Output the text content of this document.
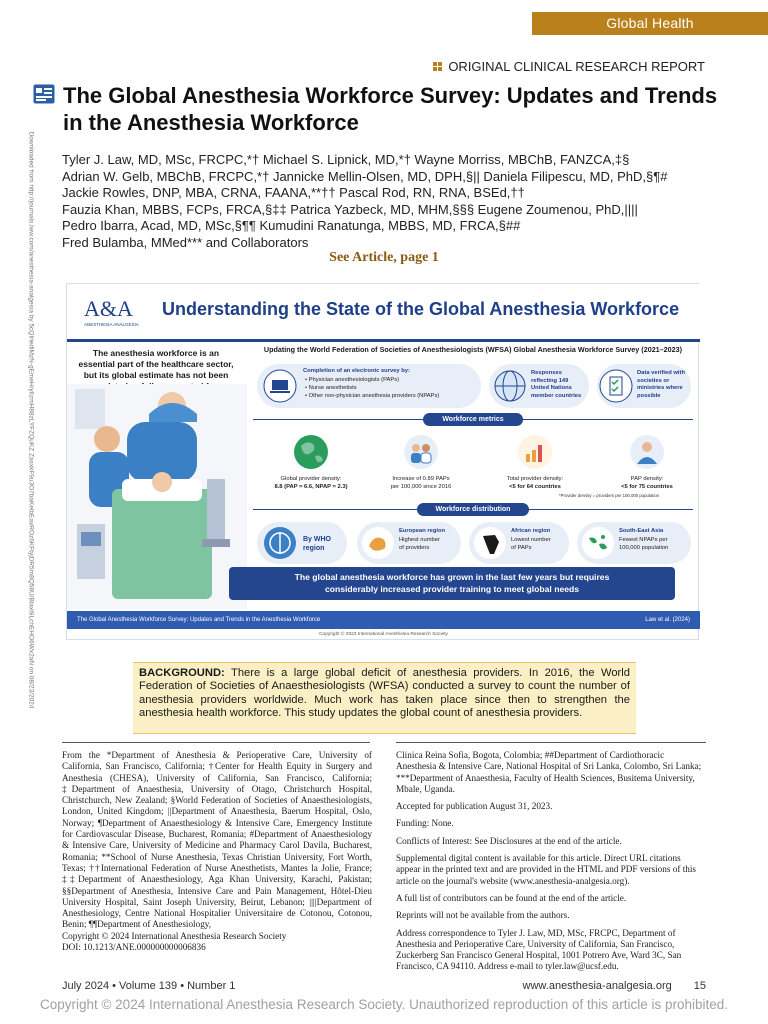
Global Health
ORIGINAL CLINICAL RESEARCH REPORT
The Global Anesthesia Workforce Survey: Updates and Trends in the Anesthesia Workforce
Downloaded from http://journals.lww.com/anesthesia-analgesia by 5cQIrledlMzN-gEmeH/ylIzmH88zLYFZQuKZ ZasxkF9u3O7baKelbEaxROz6KFtyjDR5m8Q58U/BlaxI9LchEHO6Wx2aN on 08/23/2024 Tyler J. Law, MD, MSc, FRCPC,*† Michael S. Lipnick, MD,*† Wayne Morriss, MBChB, FANZCA,‡§
Adrian W. Gelb, MBChB, FRCPC,*† Jannicke Mellin-Olsen, MD, DPH,§|| Daniela Filipescu, MD, PhD,§¶#
Jackie Rowles, DNP, MBA, CRNA, FAANA,**†† Pascal Rod, RN, RNA, BSEd,††
Fauzia Khan, MBBS, FCPs, FRCA,§‡‡ Patrica Yazbeck, MD, MHM,§§§ Eugene Zoumenou, PhD,||||
Pedro Ibarra, Acad, MD, MSc,§¶¶ Kumudini Ranatunga, MBBS, MD, FRCA,§##
Fred Bulamba, MMed*** and Collaborators
See Article, page 1
A&A
ANESTHESIA ANALGESIA
Understanding the State of the Global Anesthesia Workforce
The anesthesia workforce is an essential part of the healthcare sector, but its global estimate has not been
Updating the World Federation of Societies of Anesthesiologists (WFSA) Global Anesthesia Workforce Survey (2021–2023)
Completion of an electronic survey by:
• Physician anesthesiologists (PAPs)
• Nurse anesthetists
• Other non-physician anesthesia providers (NPAPs)
Responses reflecting 149 United Nations member countries
Data verified with societies or ministries where possible
Workforce metrics
Global provider density:
8.8 (PAP = 6.6, NPAP = 2.3)
Increase of 0.89 PAPs
per 100,000 since 2016
Total provider density:
<5 for 64 countries
PAP density:
<5 for 75 countries
*Provider density = providers per 100,000 population
Workforce distribution
By WHO region
European region
Highest number
of providers
African region
Lowest number
of PAPs
South-East Asia
Fewest NPAPs per
100,000 population
The global anesthesia workforce has grown in the last few years but requires
considerably increased provider training to meet global needs
The Global Anesthesia Workforce Survey: Updates and Trends in the Anesthesia Workforce	Law et al. (2024)
Copyright © 2023 International Anesthesia Research Society
BACKGROUND: There is a large global deficit of anesthesia providers. In 2016, the World Federation of Societies of Anaesthesiologists (WFSA) conducted a survey to count the number of anesthesia providers worldwide. Much work has taken place since then to strengthen the anesthesia health workforce. This study updates the global count of anesthesia providers.

From the *Department of Anesthesia & Perioperative Care, University of California, San Francisco, California; †Center for Health Equity in Surgery and Anesthesia (CHESA), University of California, San Francisco, California; ‡Department of Anaesthesia, University of Otago, Christchurch Hospital, Christchurch, New Zealand; §World Federation of Societies of Anaesthesiologists, London, United Kingdom; ||Department of Anaesthesia, Baerum Hospital, Oslo, Norway; ¶Department of Anaesthesiology & Intensive Care, Emergency Institute for Cardiovascular Disease, Bucharest, Romania; #Department of Anaesthesiology & Intensive Care, University of Medicine and Pharmacy Carol Davila, Bucharest, Romania; **School of Nurse Anesthesia, Texas Christian University, Fort Worth, Texas; ††International Federation of Nurse Anesthetists, Mantes la Jolie, France; ‡‡Department of Anaesthesiology, Aga Khan University, Karachi, Pakistan; §§Department of Anesthesia, Intensive Care and Pain Management, Hôtel-Dieu University Hospital, Saint Joseph University, Beirut, Lebanon; ||||Department of Anesthesiology, Centre National Hospitalier Universitaire de Cotonou, Cotonou, Benin; ¶¶Department of Anesthesiology,

Copyright © 2024 International Anesthesia Research Society

DOI: 10.1213/ANE.000000000006836

Clinica Reina Sofia, Bogota, Colombia; ##Department of Cardiothoracic Anesthesia & Intensive Care, National Hospital of Sri Lanka, Colombo, Sri Lanka; ***Department of Anaesthesia, Faculty of Health Sciences, Busitema University, Mbale, Uganda.

Accepted for publication August 31, 2023.

Funding: None.

Conflicts of Interest: See Disclosures at the end of the article.

Supplemental digital content is available for this article. Direct URL citations appear in the printed text and are provided in the HTML and PDF versions of this article on the journal's website (www.anesthesia-analgesia.org).

A full list of contributors can be found at the end of the article.

Reprints will not be available from the authors.

Address correspondence to Tyler J. Law, MD, MSc, FRCPC, Department of Anesthesia and Perioperative Care, University of California, San Francisco, Zuckerberg San Francisco General Hospital, 1001 Potrero Ave, Ward 3C, San Francisco, CA 94110. Address e-mail to tyler.law@ucsf.edu.

July 2024 • Volume 139 • Number 1	www.anesthesia-analgesia.org 15
Copyright © 2024 International Anesthesia Research Society. Unauthorized reproduction of this article is prohibited.
